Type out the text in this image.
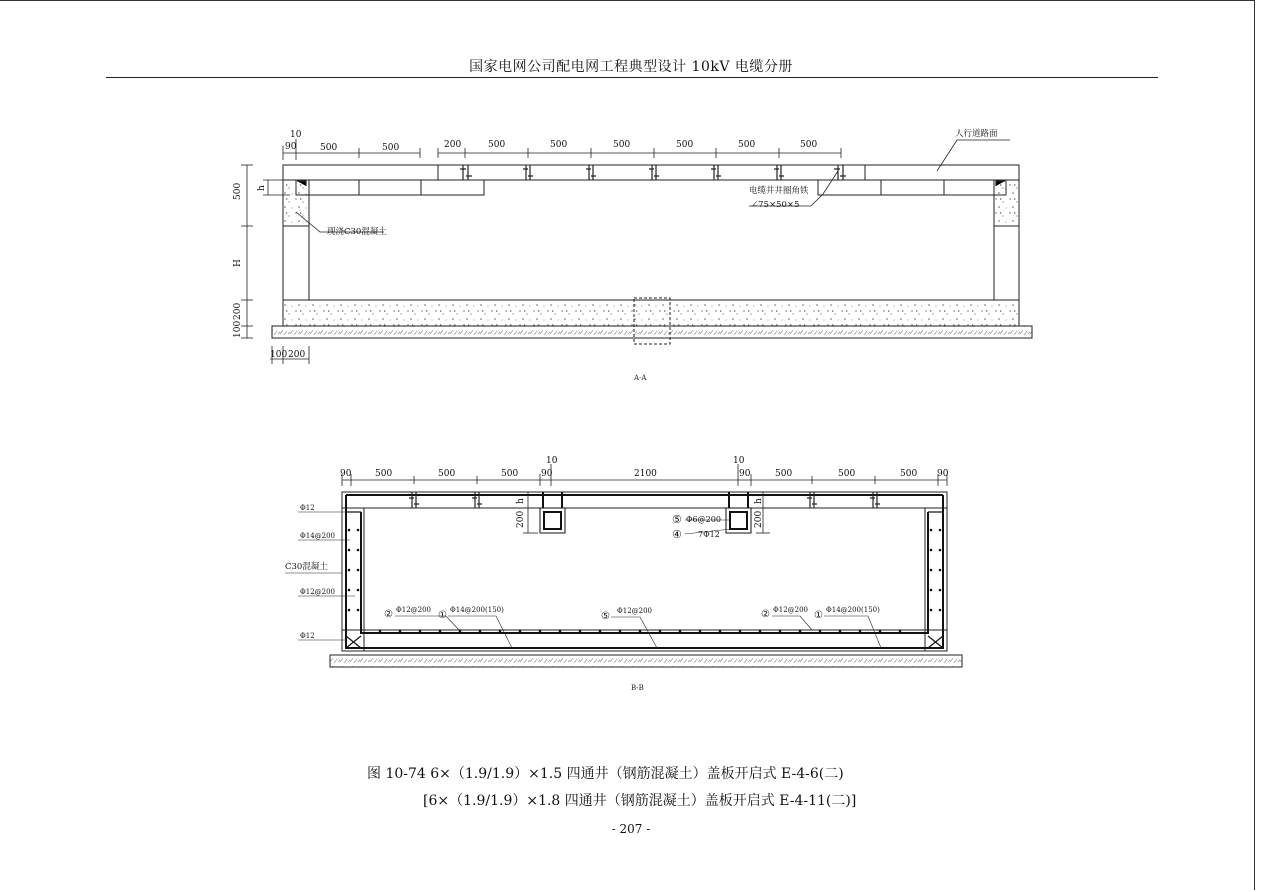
国家电网公司配电网工程典型设计 10kV 电缆分册
10
90	500	500	200	500	500	500	500	500	500
500 h
H
200
100
100 200
人行道路面
电缆井井圈角铁
∠75×50×5
现浇C30混凝土
A-A
90	500	500	500	90
10
2100
10
90	500	500	500 90
h
200
h
200
⑤ Φ6@200
④ 7Φ12
Φ12
Φ14@200
C30混凝土
Φ12@200
Φ12
② Φ12@200 ① Φ14@200(150)
⑤ Φ12@200	② Φ12@200 ① Φ14@200(150)
B-B
图 10-74 6×（1.9/1.9）×1.5 四通井（钢筋混凝土）盖板开启式 E-4-6(二)
[6×（1.9/1.9）×1.8 四通井（钢筋混凝土）盖板开启式 E-4-11(二)]
- 207 -
